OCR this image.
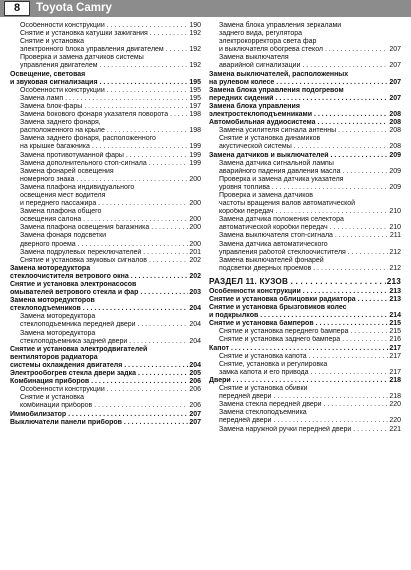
8	Toyota Camry
Особенности конструкции . . .	190
Снятие и установка катушки зажигания . . .	192
Снятие и установка
электронного блока управления двигателем . . .	192
Проверка и замена датчиков системы
управления двигателем . . .	192
Освещение, световая
и звуковая сигнализация . . .	195
Особенности конструкции . . .	195
Замена ламп . . .	195
Замена блок-фары . . .	197
Замена бокового фонаря указателя поворота . . .	198
Замена заднего фонаря,
расположенного на крыле . . .	198
Замена заднего фонаря, расположенного
на крышке багажника . . .	199
Замена противотуманной фары . . .	199
Замена дополнительного стоп-сигнала . . .	199
Замена фонарей освещения
номерного знака . . .	200
Замена плафона индивидуального
освещения мест водителя
и переднего пассажира . . .	200
Замена плафона общего
освещения салона . . .	200
Замена плафона освещения багажника . . .	200
Замена фонаря подсветки
дверного проема . . .	200
Замена подрулевых переключателей . . .	201
Снятие и установка звуковых сигналов . . .	202
Замена моторедуктора
стеклоочистителя ветрового окна . . .	202
Снятие и установка электронасосов
омывателей ветрового стекла и фар . . .	203
Замена моторедукторов
стеклоподъемников . . .	204
Замена моторедуктора
стеклоподъемника передней двери . . .	204
Замена моторедуктора
стеклоподъемника задней двери . . .	204
Снятие и установка электродвигателей
вентиляторов радиатора
системы охлаждения двигателя . . .	204
Электрообогрев стекла двери задка . . .	205
Комбинация приборов . . .	206
Особенности конструкции . . .	206
Снятие и установка
комбинации приборов . . .	206
Иммобилизатор . . .	207
Выключатели панели приборов . . .	207
Замена блока управления зеркалами
заднего вида, регулятора
электрокорректора света фар
и выключателя обогрева стекол . . .	207
Замена выключателя
аварийной сигнализации . . .	207
Замена выключателей, расположенных
на рулевом колесе . . .	207
Замена блока управления подогревом
передних сидений . . .	207
Замена блока управления
электростеклоподъемниками . . .	208
Автомобильная аудиосистема . . .	208
Замена усилителя сигнала антенны . . .	208
Снятие и установка динамиков
акустической системы . . .	208
Замена датчиков и выключателей . . .	209
Замена датчика сигнальной лампы
аварийного падения давления масла . . .	209
Проверка и замена датчика указателя
уровня топлива . . .	209
Проверка и замена датчиков
частоты вращения валов автоматической
коробки передач . . .	210
Замена датчика положения селектора
автоматической коробки передач . . .	210
Замена выключателя стоп-сигнала . . .	211
Замена датчика автоматического
управления работой стеклоочистителя . . .	212
Замена выключателей фонарей
подсветки дверных проемов . . .	212
РАЗДЕЛ 11. КУЗОВ . . .	213
Особенности конструкции . . .	213
Снятие и установка облицовки радиатора . . .	213
Снятие и установка брызговиков колес
и подкрылков . . .	214
Снятие и установка бамперов . . .	215
Снятие и установка переднего бампера . . .	215
Снятие и установка заднего бампера . . .	216
Капот . . .	217
Снятие и установка капота . . .	217
Снятие, установка и регулировка
замка капота и его привода . . .	217
Двери . . .	218
Снятие и установка обивки
передней двери . . .	218
Замена стекла передней двери . . .	220
Замена стеклоподъемника
передней двери . . .	220
Замена наружной ручки передней двери . . .	221
